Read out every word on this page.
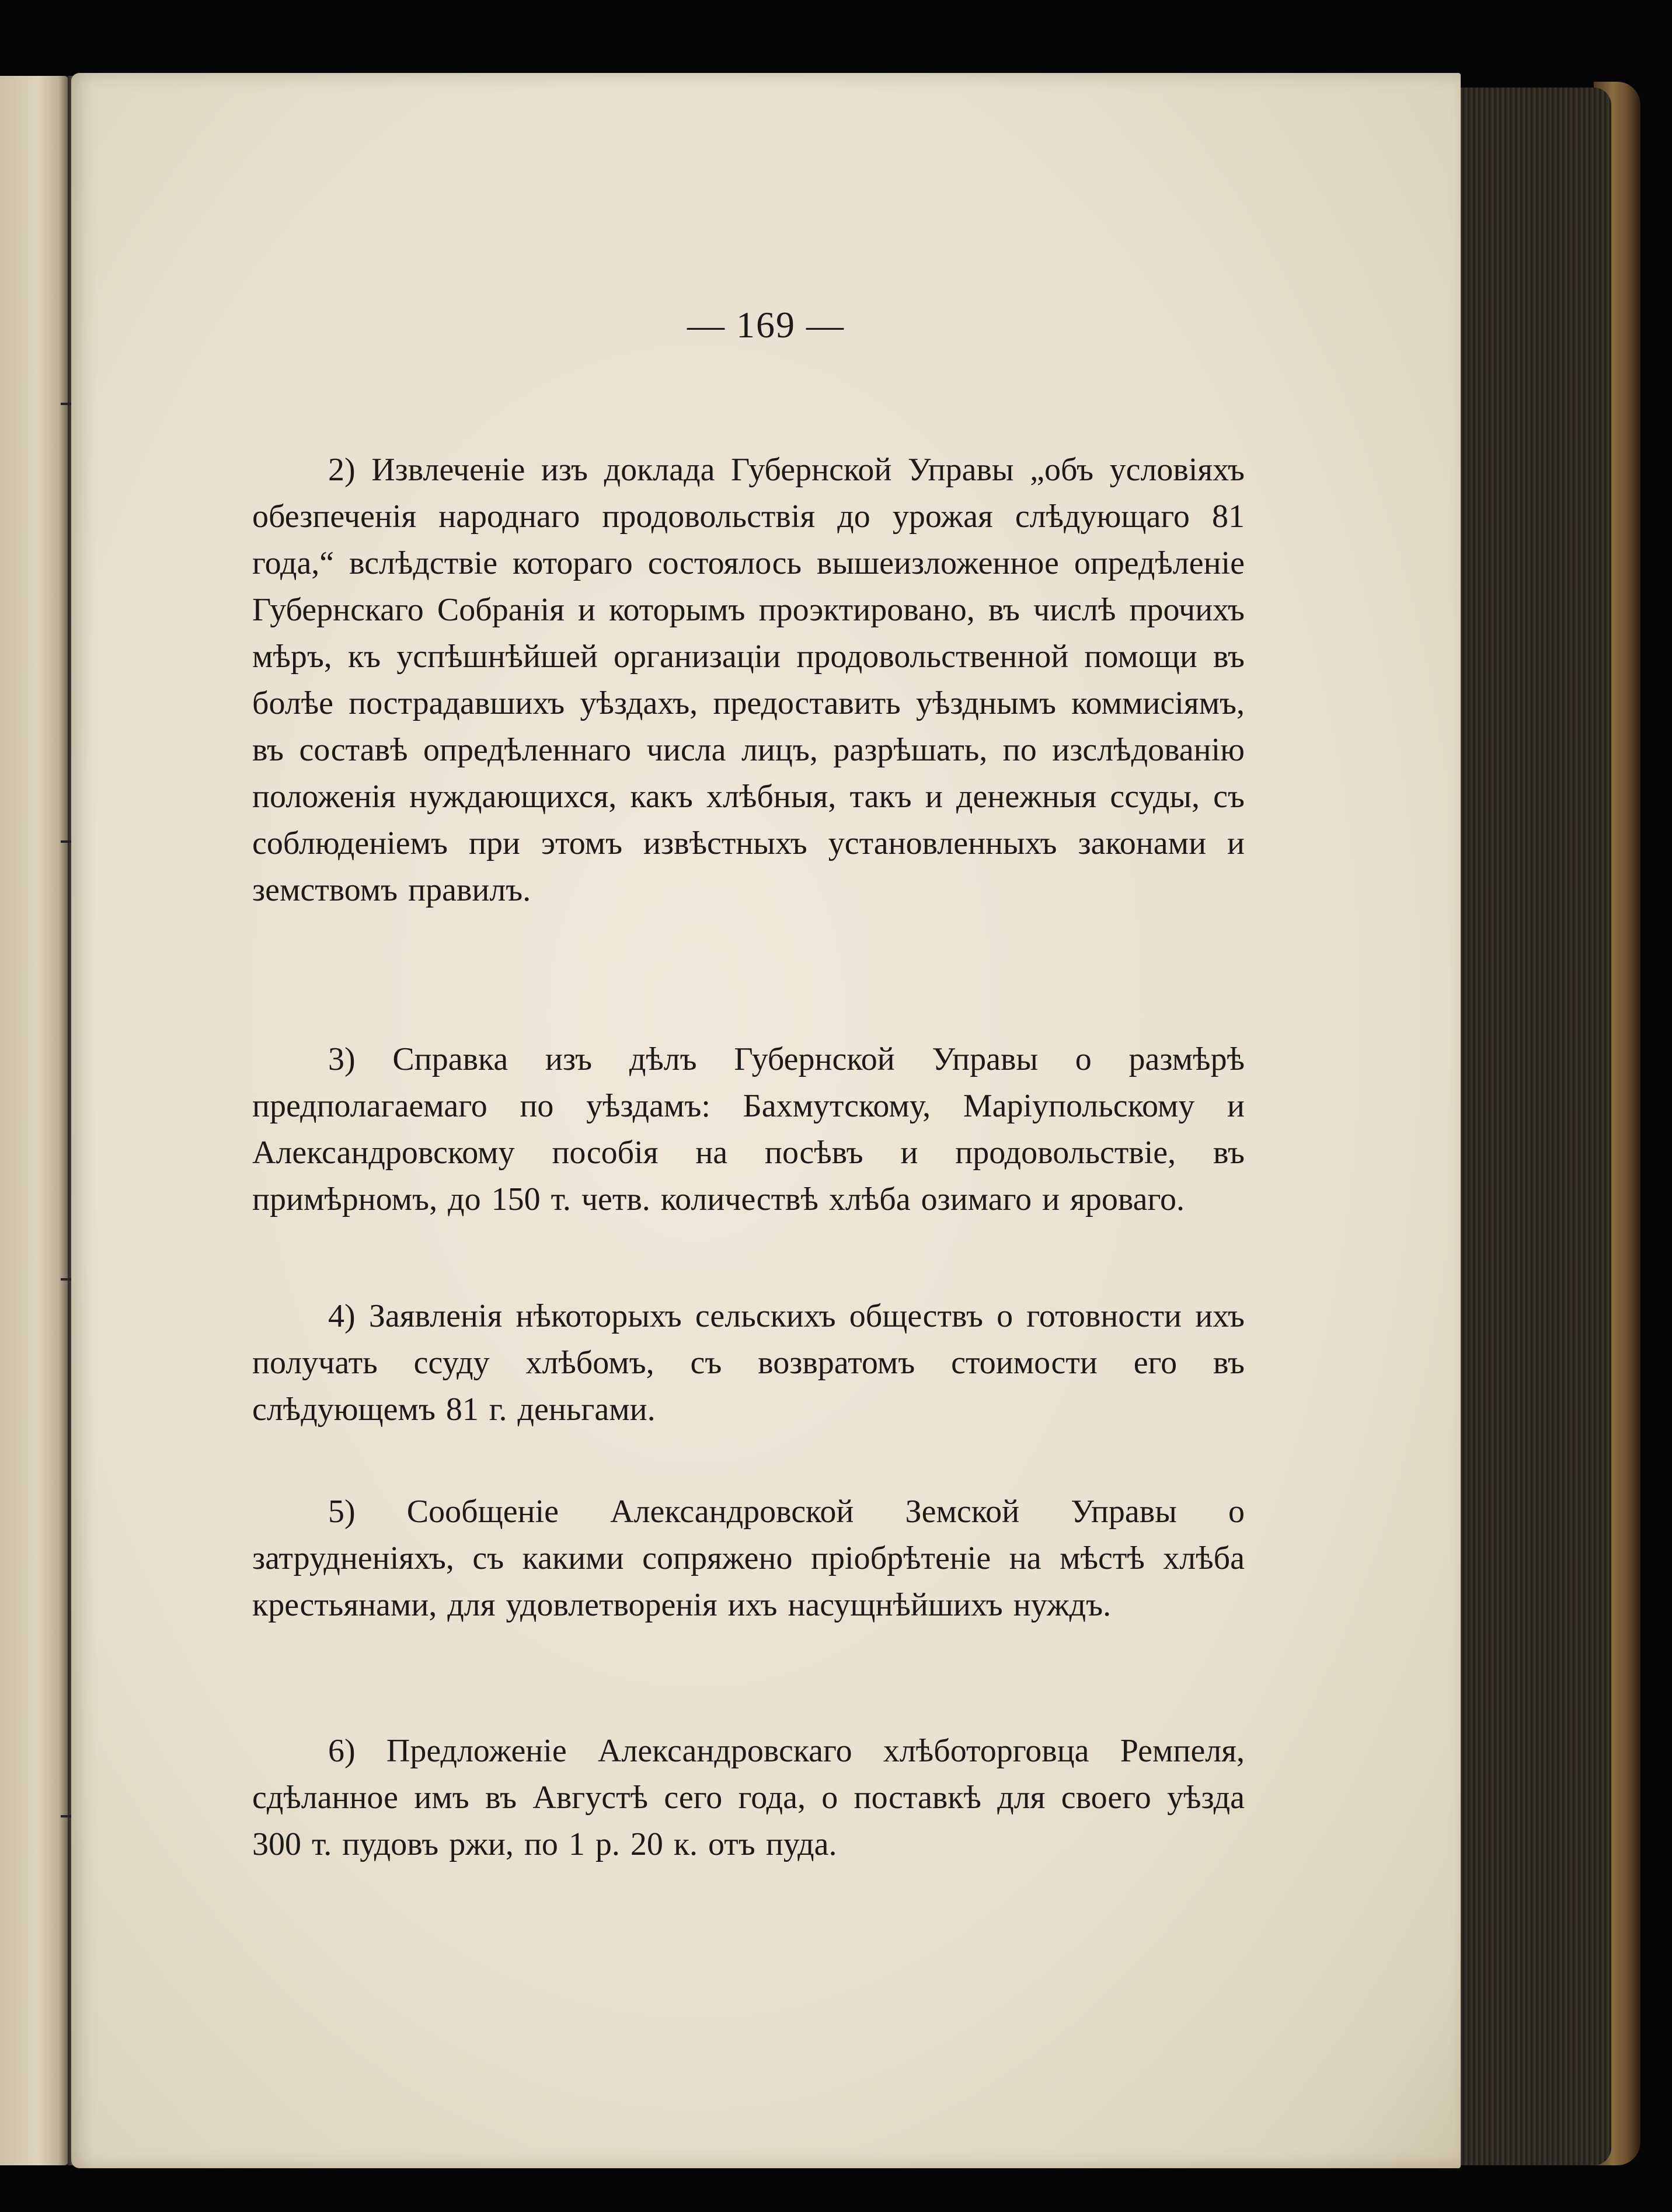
— 169 —

2) Извлеченіе изъ доклада Губернской Управы „объ условіяхъ обезпеченія народнаго продовольствія до урожая слѣдующаго 81 года,“ вслѣдствіе котораго состоялось вышеизложенное опредѣленіе Губернскаго Собранія и которымъ проэктировано, въ числѣ прочихъ мѣръ, къ успѣшнѣйшей организаціи продовольственной помощи въ болѣе пострадавшихъ уѣздахъ, предоставить уѣзднымъ коммисіямъ, въ составѣ опредѣленнаго числа лицъ, разрѣшать, по изслѣдованію положенія нуждающихся, какъ хлѣбныя, такъ и денежныя ссуды, съ соблюденіемъ при этомъ извѣстныхъ установленныхъ законами и земствомъ правилъ.

3) Справка изъ дѣлъ Губернской Управы о размѣрѣ предполагаемаго по уѣздамъ: Бахмутскому, Маріупольскому и Александровскому пособія на посѣвъ и продовольствіе, въ примѣрномъ, до 150 т. четв. количествѣ хлѣба озимаго и яроваго.

4) Заявленія нѣкоторыхъ сельскихъ обществъ о готовности ихъ получать ссуду хлѣбомъ, съ возвратомъ стоимости его въ слѣдующемъ 81 г. деньгами.

5) Сообщеніе Александровской Земской Управы о затрудненіяхъ, съ какими сопряжено пріобрѣтеніе на мѣстѣ хлѣба крестьянами, для удовлетворенія ихъ насущнѣйшихъ нуждъ.

6) Предложеніе Александровскаго хлѣботорговца Ремпеля, сдѣланное имъ въ Августѣ сего года, о поставкѣ для своего уѣзда 300 т. пудовъ ржи, по 1 р. 20 к. отъ пуда.
